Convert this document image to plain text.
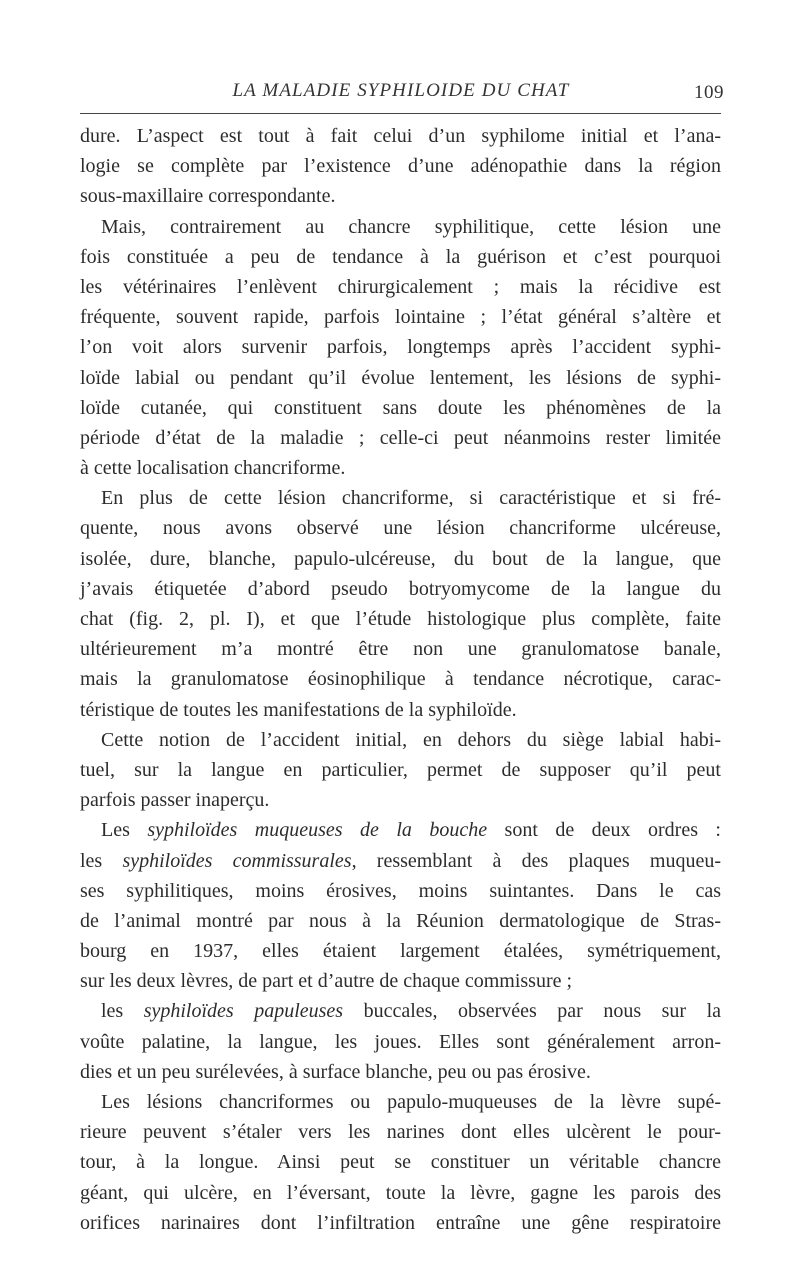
LA MALADIE SYPHILOIDE DU CHAT	109

dure. L’aspect est tout à fait celui d’un syphilome initial et l’ana-
logie se complète par l’existence d’une adénopathie dans la région
sous-maxillaire correspondante.

Mais, contrairement au chancre syphilitique, cette lésion une
fois constituée a peu de tendance à la guérison et c’est pourquoi
les vétérinaires l’enlèvent chirurgicalement ; mais la récidive est
fréquente, souvent rapide, parfois lointaine ; l’état général s’altère et
l’on voit alors survenir parfois, longtemps après l’accident syphi-
loïde labial ou pendant qu’il évolue lentement, les lésions de syphi-
loïde cutanée, qui constituent sans doute les phénomènes de la
période d’état de la maladie ; celle-ci peut néanmoins rester limitée
à cette localisation chancriforme.

En plus de cette lésion chancriforme, si caractéristique et si fré-
quente, nous avons observé une lésion chancriforme ulcéreuse,
isolée, dure, blanche, papulo-ulcéreuse, du bout de la langue, que
j’avais étiquetée d’abord pseudo botryomycome de la langue du
chat (fig. 2, pl. I), et que l’étude histologique plus complète, faite
ultérieurement m’a montré être non une granulomatose banale,
mais la granulomatose éosinophilique à tendance nécrotique, carac-
téristique de toutes les manifestations de la syphiloïde.

Cette notion de l’accident initial, en dehors du siège labial habi-
tuel, sur la langue en particulier, permet de supposer qu’il peut
parfois passer inaperçu.

Les syphiloïdes muqueuses de la bouche sont de deux ordres :
les syphiloïdes commissurales, ressemblant à des plaques muqueu-
ses syphilitiques, moins érosives, moins suintantes. Dans le cas
de l’animal montré par nous à la Réunion dermatologique de Stras-
bourg en 1937, elles étaient largement étalées, symétriquement,
sur les deux lèvres, de part et d’autre de chaque commissure ;

les syphiloïdes papuleuses buccales, observées par nous sur la
voûte palatine, la langue, les joues. Elles sont généralement arron-
dies et un peu surélevées, à surface blanche, peu ou pas érosive.

Les lésions chancriformes ou papulo-muqueuses de la lèvre supé-
rieure peuvent s’étaler vers les narines dont elles ulcèrent le pour-
tour, à la longue. Ainsi peut se constituer un véritable chancre
géant, qui ulcère, en l’éversant, toute la lèvre, gagne les parois des
orifices narinaires dont l’infiltration entraîne une gêne respiratoire
